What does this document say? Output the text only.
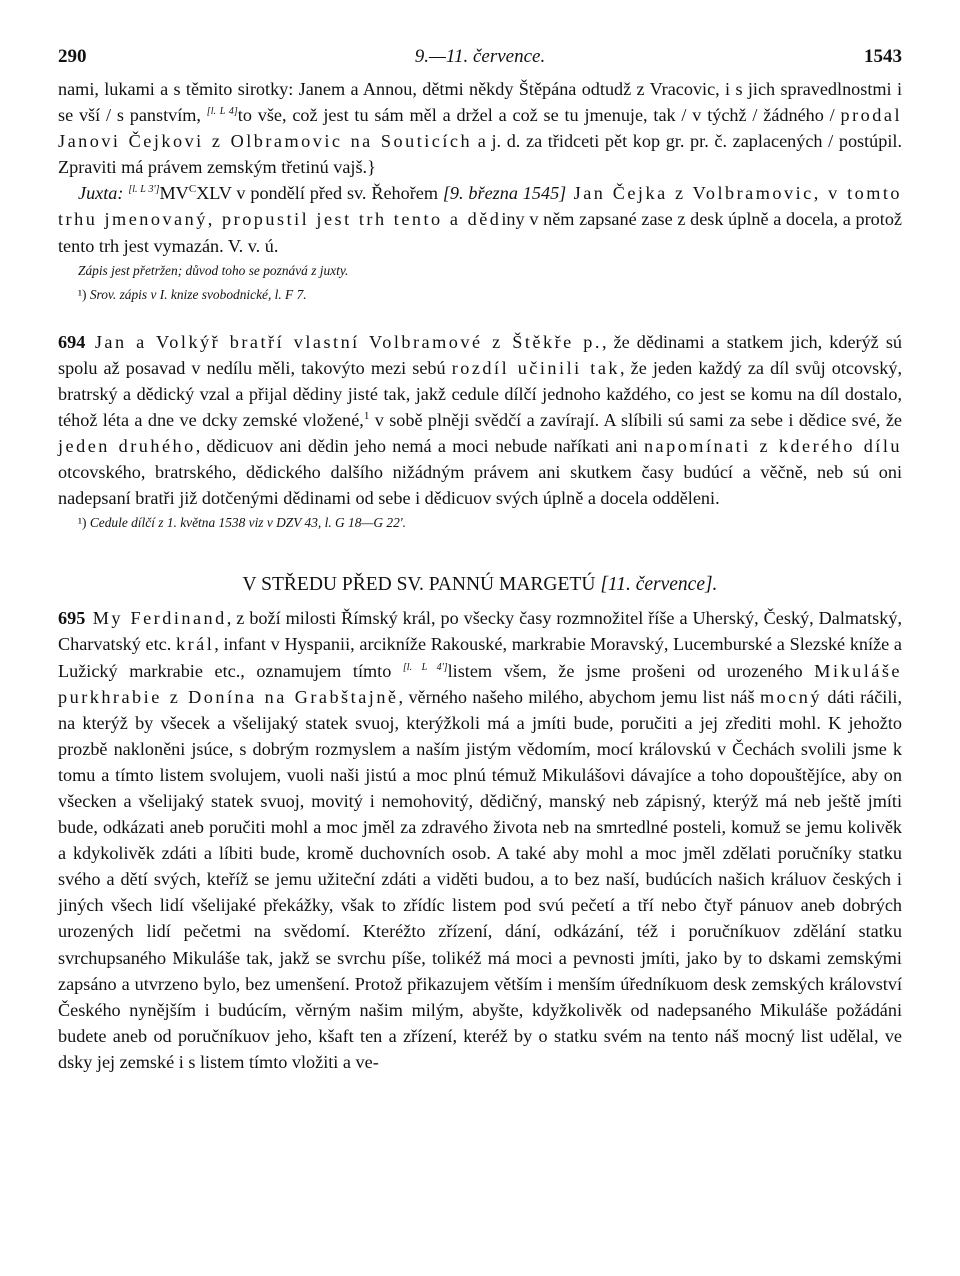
290	9.—11. července.	1543

nami, lukami a s těmito sirotky: Janem a Annou, dětmi někdy Štěpána odtudž z Vracovic, i s jich spravedlnostmi i se vší / s panstvím, [l. L 4]to vše, což jest tu sám měl a držel a což se tu jmenuje, tak / v týchž / žádného / prodal Janovi Čejkovi z Olbramovic na Souticích a j. d. za třidceti pět kop gr. pr. č. zaplacených / postúpil. Zpraviti má právem zemským třetinú vajš.}

Juxta: [l. L 3']MV$^C$XLV v pondělí před sv. Řehořem [9. března 1545] Jan Čejka z Volbramovic, v tomto trhu jmenovaný, propustil jest trh tento a dědiny v něm zapsané zase z desk úplně a docela, a protož tento trh jest vymazán. V. v. ú.

Zápis jest přetržen; důvod toho se poznává z juxty.

¹) Srov. zápis v I. knize svobodnické, l. F 7.

694 Jan a Volkýř bratří vlastní Volbramové z Štěkře p., že dědinami a statkem jich, kderýž sú spolu až posavad v nedílu měli, takovýto mezi sebú rozdíl učinili tak, že jeden každý za díl svůj otcovský, bratrský a dědický vzal a přijal dědiny jisté tak, jakž cedule dílčí jednoho každého, co jest se komu na díl dostalo, téhož léta a dne ve dcky zemské vložené,$^1$ v sobě plněji svědčí a zavírají. A slíbili sú sami za sebe i dědice své, že jeden druhého, dědicuov ani dědin jeho nemá a moci nebude naříkati ani napomínati z kderého dílu otcovského, bratrského, dědického dalšího nižádným právem ani skutkem časy budúcí a věčně, neb sú oni nadepsaní bratři již dotčenými dědinami od sebe i dědicuov svých úplně a docela odděleni.

¹) Cedule dílčí z 1. května 1538 viz v DZV 43, l. G 18—G 22'.

V STŘEDU PŘED SV. PANNÚ MARGETÚ [11. července].

695 My Ferdinand, z boží milosti Římský král, po všecky časy rozmnožitel říše a Uherský, Český, Dalmatský, Charvatský etc. král, infant v Hyspanii, arcikníže Rakouské, markrabie Moravský, Lucemburské a Slezské kníže a Lužický markrabie etc., oznamujem tímto [l. L 4']listem všem, že jsme prošeni od urozeného Mikuláše purkhrabie z Donína na Grabštajně, věrného našeho milého, abychom jemu list náš mocný dáti ráčili, na kterýž by všecek a všelijaký statek svuoj, kterýžkoli má a jmíti bude, poručiti a jej zřediti mohl. K jehožto prozbě nakloněni jsúce, s dobrým rozmyslem a naším jistým vědomím, mocí královskú v Čechách svolili jsme k tomu a tímto listem svolujem, vuoli naši jistú a moc plnú témuž Mikulášovi dávajíce a toho dopouštějíce, aby on všecken a všelijaký statek svuoj, movitý i nemohovitý, dědičný, manský neb zápisný, kterýž má neb ještě jmíti bude, odkázati aneb poručiti mohl a moc jměl za zdravého života neb na smrtedlné posteli, komuž se jemu kolivěk a kdykolivěk zdáti a líbiti bude, kromě duchovních osob. A také aby mohl a moc jměl zdělati poručníky statku svého a dětí svých, kteříž se jemu užiteční zdáti a viděti budou, a to bez naší, budúcích našich králuov českých i jiných všech lidí všelijaké překážky, však to zřídíc listem pod svú pečetí a tří nebo čtyř pánuov aneb dobrých urozených lidí pečetmi na svědomí. Kteréžto zřízení, dání, odkázání, též i poručníkuov zdělání statku svrchupsaného Mikuláše tak, jakž se svrchu píše, tolikéž má moci a pevnosti jmíti, jako by to dskami zemskými zapsáno a utvrzeno bylo, bez umenšení. Protož přikazujem větším i menším úředníkuom desk zemských království Českého nynějším i budúcím, věrným našim milým, abyšte, kdyžkolivěk od nadepsaného Mikuláše požádáni budete aneb od poručníkuov jeho, kšaft ten a zřízení, kteréž by o statku svém na tento náš mocný list udělal, ve dsky jej zemské i s listem tímto vložiti a ve-
